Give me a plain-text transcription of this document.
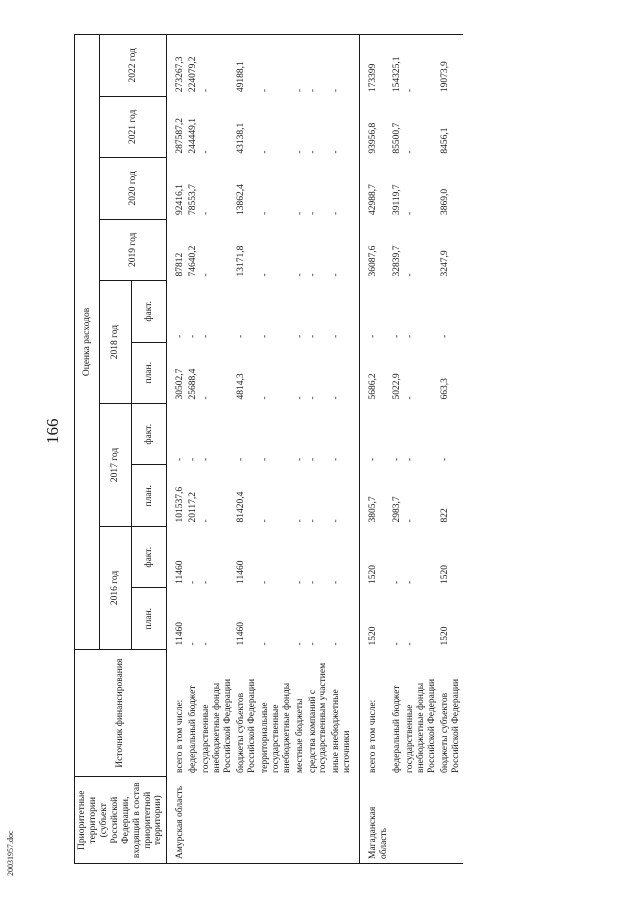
166
20031957.doc
Приоритетные территории (субъект Российской Федерации, входящий в состав приоритетной территории)	Источник финансирования	Оценка расходов									
		2016 год		2017 год		2018 год		2019 год	2020 год	2021 год	2022 год
		план.	факт.	план.	факт.	план.	факт.				
Амурская область	всего в том числе:	11460	11460	101537,6	-	30502,7	-	87812	92416,1	287587,2	273267,3
	федеральный бюджет	-	-	20117,2	-	25688,4	-	74640,2	78553,7	244449,1	224079,2
	государственные внебюджетные фонды Российской Федерации	-	-	-	-	-	-	-	-	-	-
	бюджеты субъектов Российской Федерации	11460	11460	81420,4	-	4814,3	-	13171,8	13862,4	43138,1	49188,1
	территориальные государственные внебюджетные фонды	-	-	-	-	-	-	-	-	-	-
	местные бюджеты	-	-	-	-	-	-	-	-	-	-
	средства компаний с государственным участием	-	-	-	-	-	-	-	-	-	-
	иные внебюджетные источники	-	-	-	-	-	-	-	-	-	-
Магаданская область	всего в том числе:	1520	1520	3805,7	-	5686,2	-	36087,6	42988,7	93956,8	173399
	федеральный бюджет	-	-	2983,7	-	5022,9	-	32839,7	39119,7	85500,7	154325,1
	государственные внебюджетные фонды Российской Федерации	-	-	-	-	-	-	-	-	-	-
	бюджеты субъектов Российской Федерации	1520	1520	822	-	663,3	-	3247,9	3869,0	8456,1	19073,9
